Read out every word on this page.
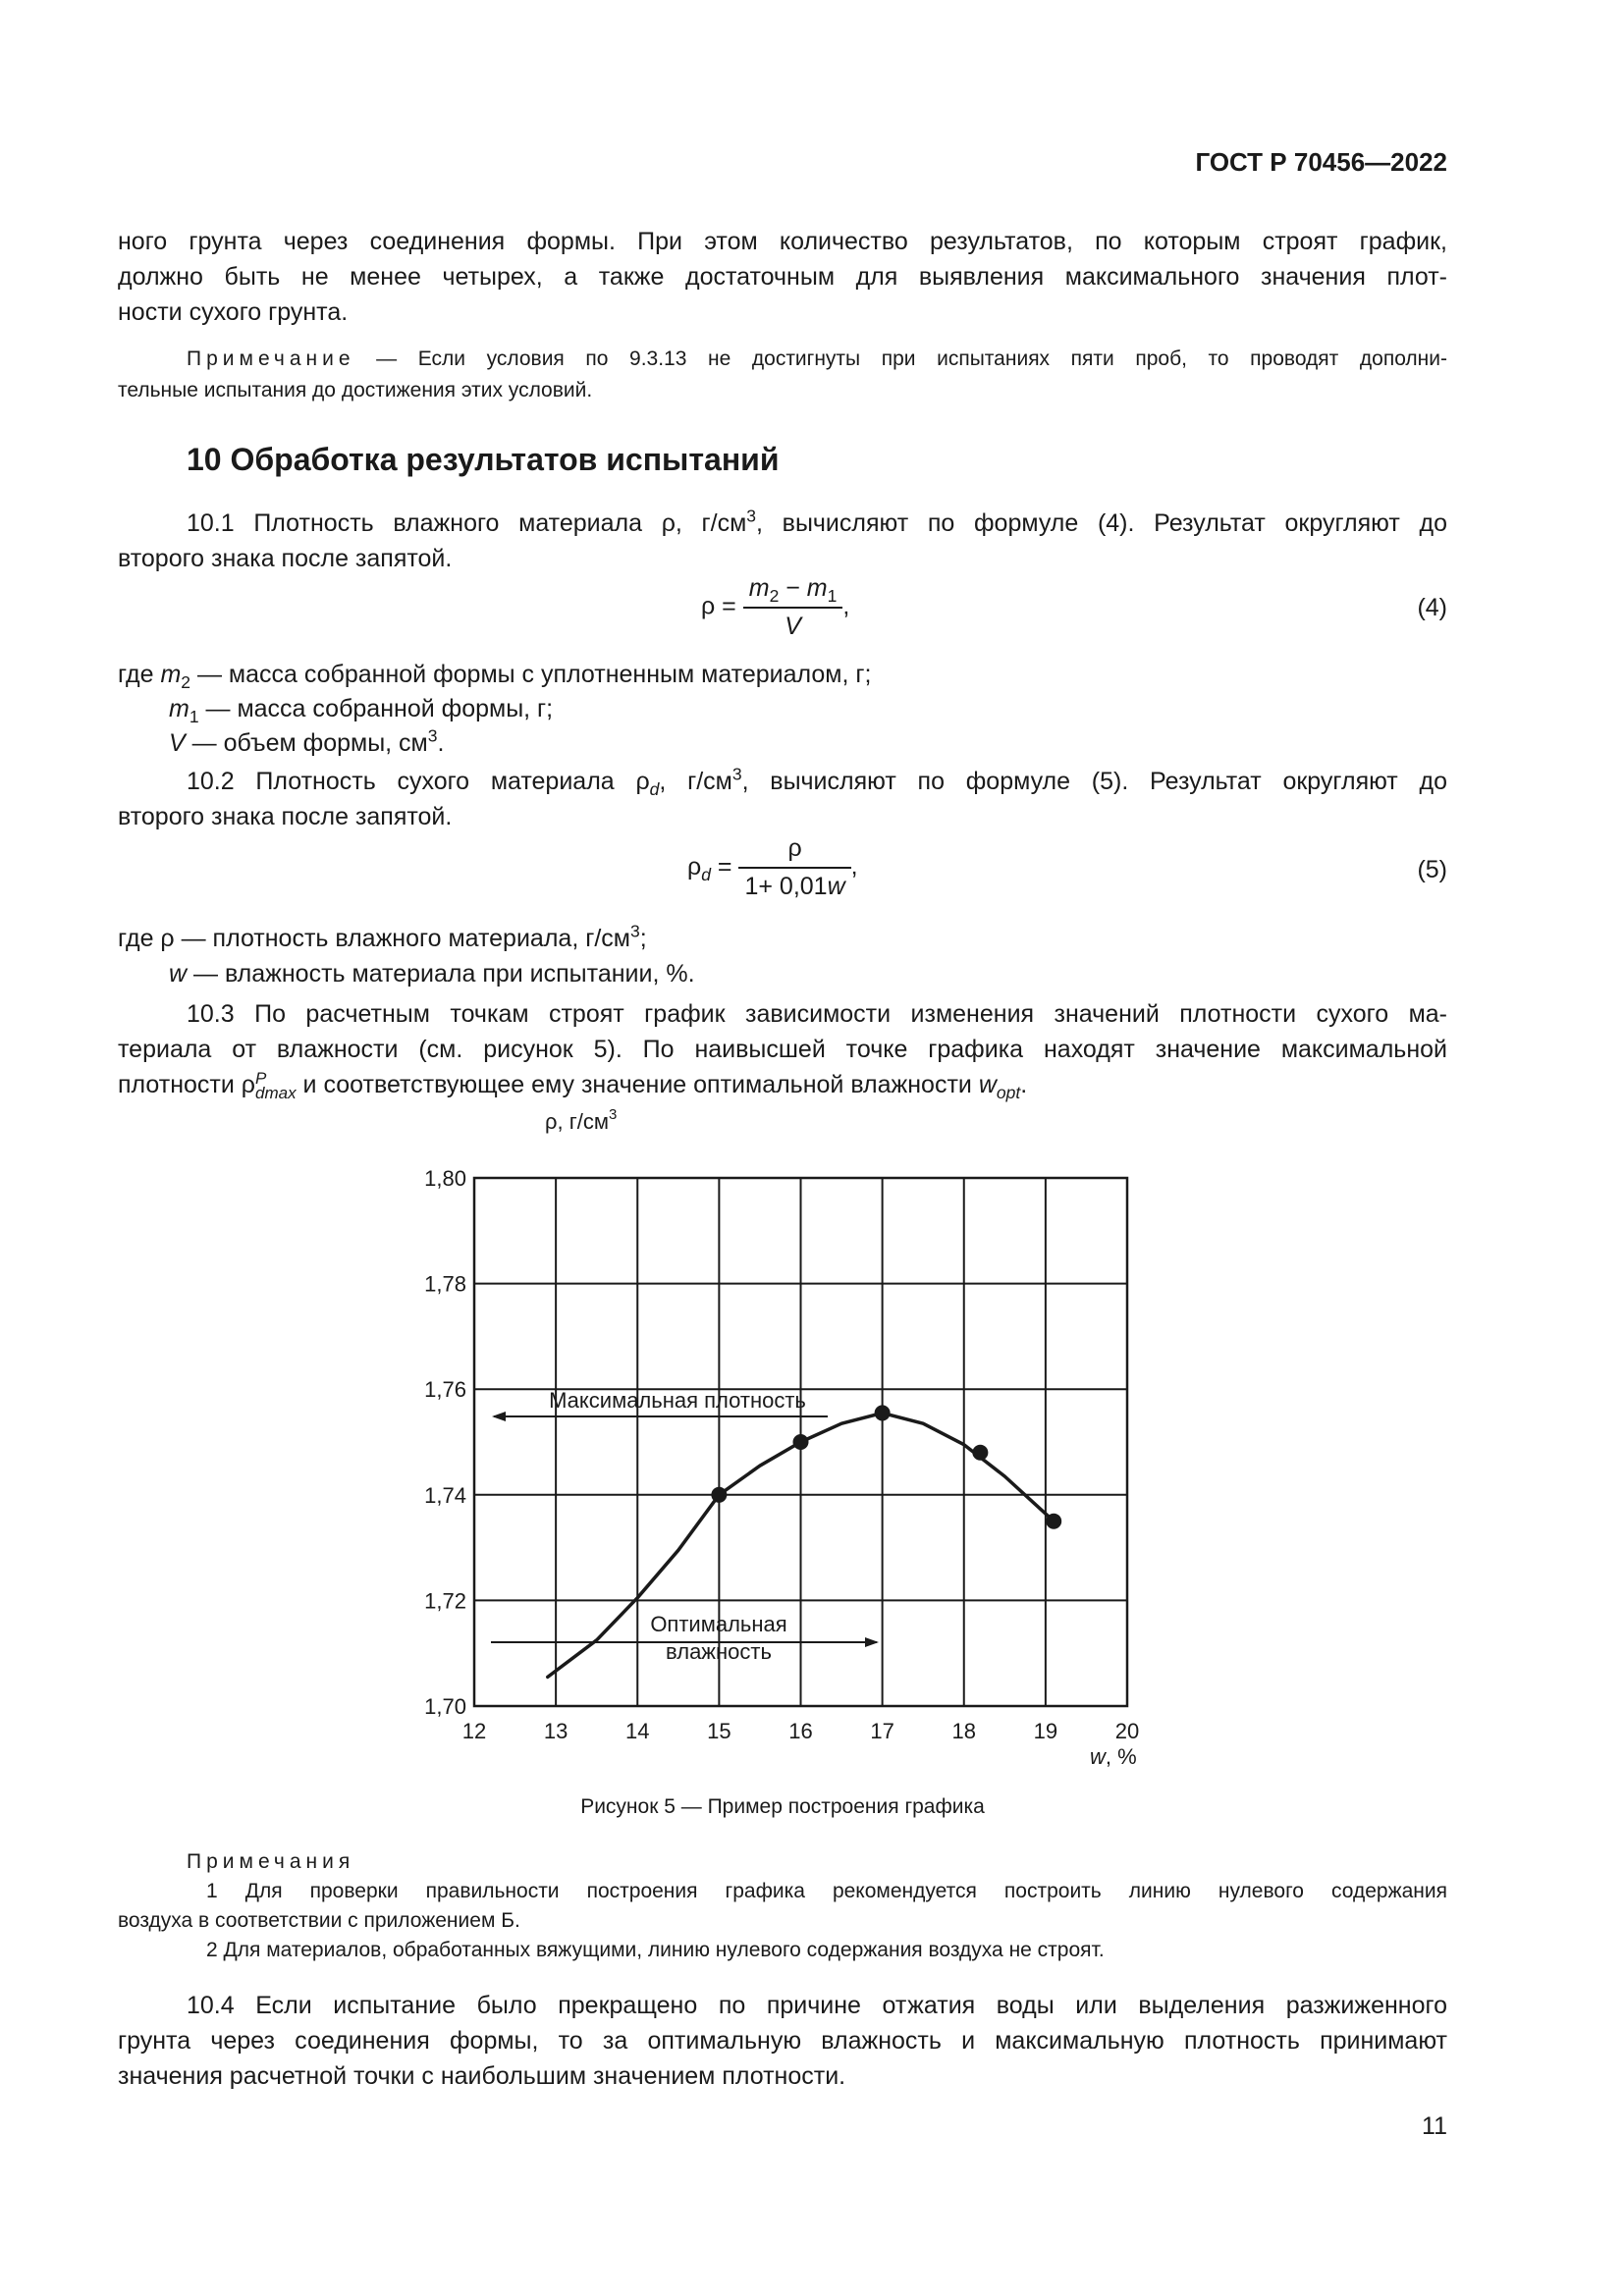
ГОСТ Р 70456—2022
ного грунта через соединения формы. При этом количество результатов, по которым строят график,
должно быть не менее четырех, а также достаточным для выявления максимального значения плот-
ности сухого грунта.
Примечание — Если условия по 9.3.13 не достигнуты при испытаниях пяти проб, то проводят дополни-
тельные испытания до достижения этих условий.
10 Обработка результатов испытаний
10.1 Плотность влажного материала ρ, $г/см^3$, вычисляют по формуле (4). Результат округляют до
второго знака после запятой.
$\rho = \frac{m_2 - m_1}{V}$ ,	(4)
где $m_2$ — масса собранной формы с уплотненным материалом, г;
$m_1$ — масса собранной формы, г;
V — объем формы, $см^3$.
10.2 Плотность сухого материала $\rho_d$, $г/см^3$, вычисляют по формуле (5). Результат округляют до
второго знака после запятой.
$\rho_d = \frac{\rho}{1+ 0,01w}$ ,	(5)
где ρ — плотность влажного материала, $г/см^3$;
w — влажность материала при испытании, %.
10.3 По расчетным точкам строят график зависимости изменения значений плотности сухого ма-
териала от влажности (см. рисунок 5). По наивысшей точке графика находят значение максимальной
плотности ρ P
dmax и соответствующее ему значение оптимальной влажности $w_{opt}$.
ρ, $г/см^3$
w, %
Максимальная плотность
Оптимальная
влажность
12	13	14	15	16	17	18	19	20
1,70
1,72
1,74
1,76
1,78
1,80
Рисунок 5 — Пример построения графика
Примечания
1 Для проверки правильности построения графика рекомендуется построить линию нулевого содержания
воздуха в соответствии с приложением Б.
2 Для материалов, обработанных вяжущими, линию нулевого содержания воздуха не строят.
10.4 Если испытание было прекращено по причине отжатия воды или выделения разжиженного
грунта через соединения формы, то за оптимальную влажность и максимальную плотность принимают
значения расчетной точки с наибольшим значением плотности.
11
